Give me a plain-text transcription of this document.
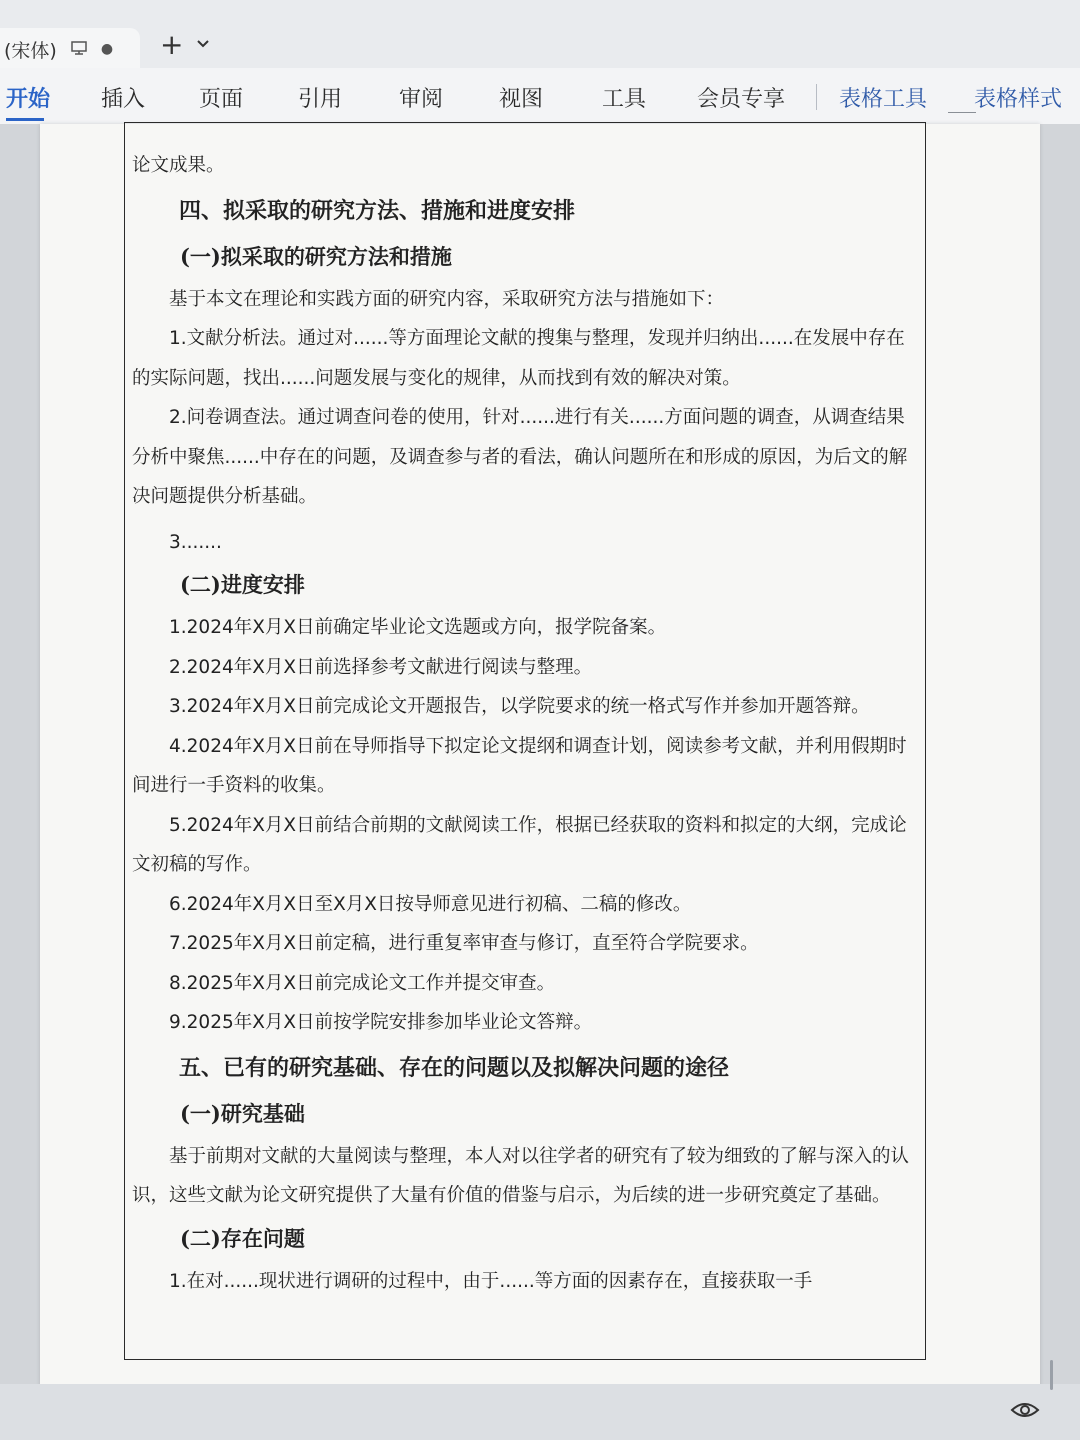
(宋体)	● +
开始 插入 页面 引用	审阅	视图	工具 会员专享 表格工具 表格样式

论文成果。

四、拟采取的研究方法、措施和进度安排

(一)拟采取的研究方法和措施

基于本文在理论和实践方面的研究内容，采取研究方法与措施如下：

1.文献分析法。通过对......等方面理论文献的搜集与整理，发现并归纳出......在发展中存在的实际问题，找出......问题发展与变化的规律，从而找到有效的解决对策。

2.问卷调查法。通过调查问卷的使用，针对......进行有关......方面问题的调查，从调查结果分析中聚焦......中存在的问题，及调查参与者的看法，确认问题所在和形成的原因，为后文的解决问题提供分析基础。

3.......

(二)进度安排

1.2024年X月X日前确定毕业论文选题或方向，报学院备案。

2.2024年X月X日前选择参考文献进行阅读与整理。

3.2024年X月X日前完成论文开题报告，以学院要求的统一格式写作并参加开题答辩。

4.2024年X月X日前在导师指导下拟定论文提纲和调查计划，阅读参考文献，并利用假期时间进行一手资料的收集。

5.2024年X月X日前结合前期的文献阅读工作，根据已经获取的资料和拟定的大纲，完成论文初稿的写作。

6.2024年X月X日至X月X日按导师意见进行初稿、二稿的修改。

7.2025年X月X日前定稿，进行重复率审查与修订，直至符合学院要求。

8.2025年X月X日前完成论文工作并提交审查。

9.2025年X月X日前按学院安排参加毕业论文答辩。

五、已有的研究基础、存在的问题以及拟解决问题的途径

(一)研究基础

基于前期对文献的大量阅读与整理，本人对以往学者的研究有了较为细致的了解与深入的认识，这些文献为论文研究提供了大量有价值的借鉴与启示，为后续的进一步研究奠定了基础。

(二)存在问题

1.在对......现状进行调研的过程中，由于......等方面的因素存在，直接获取一手
